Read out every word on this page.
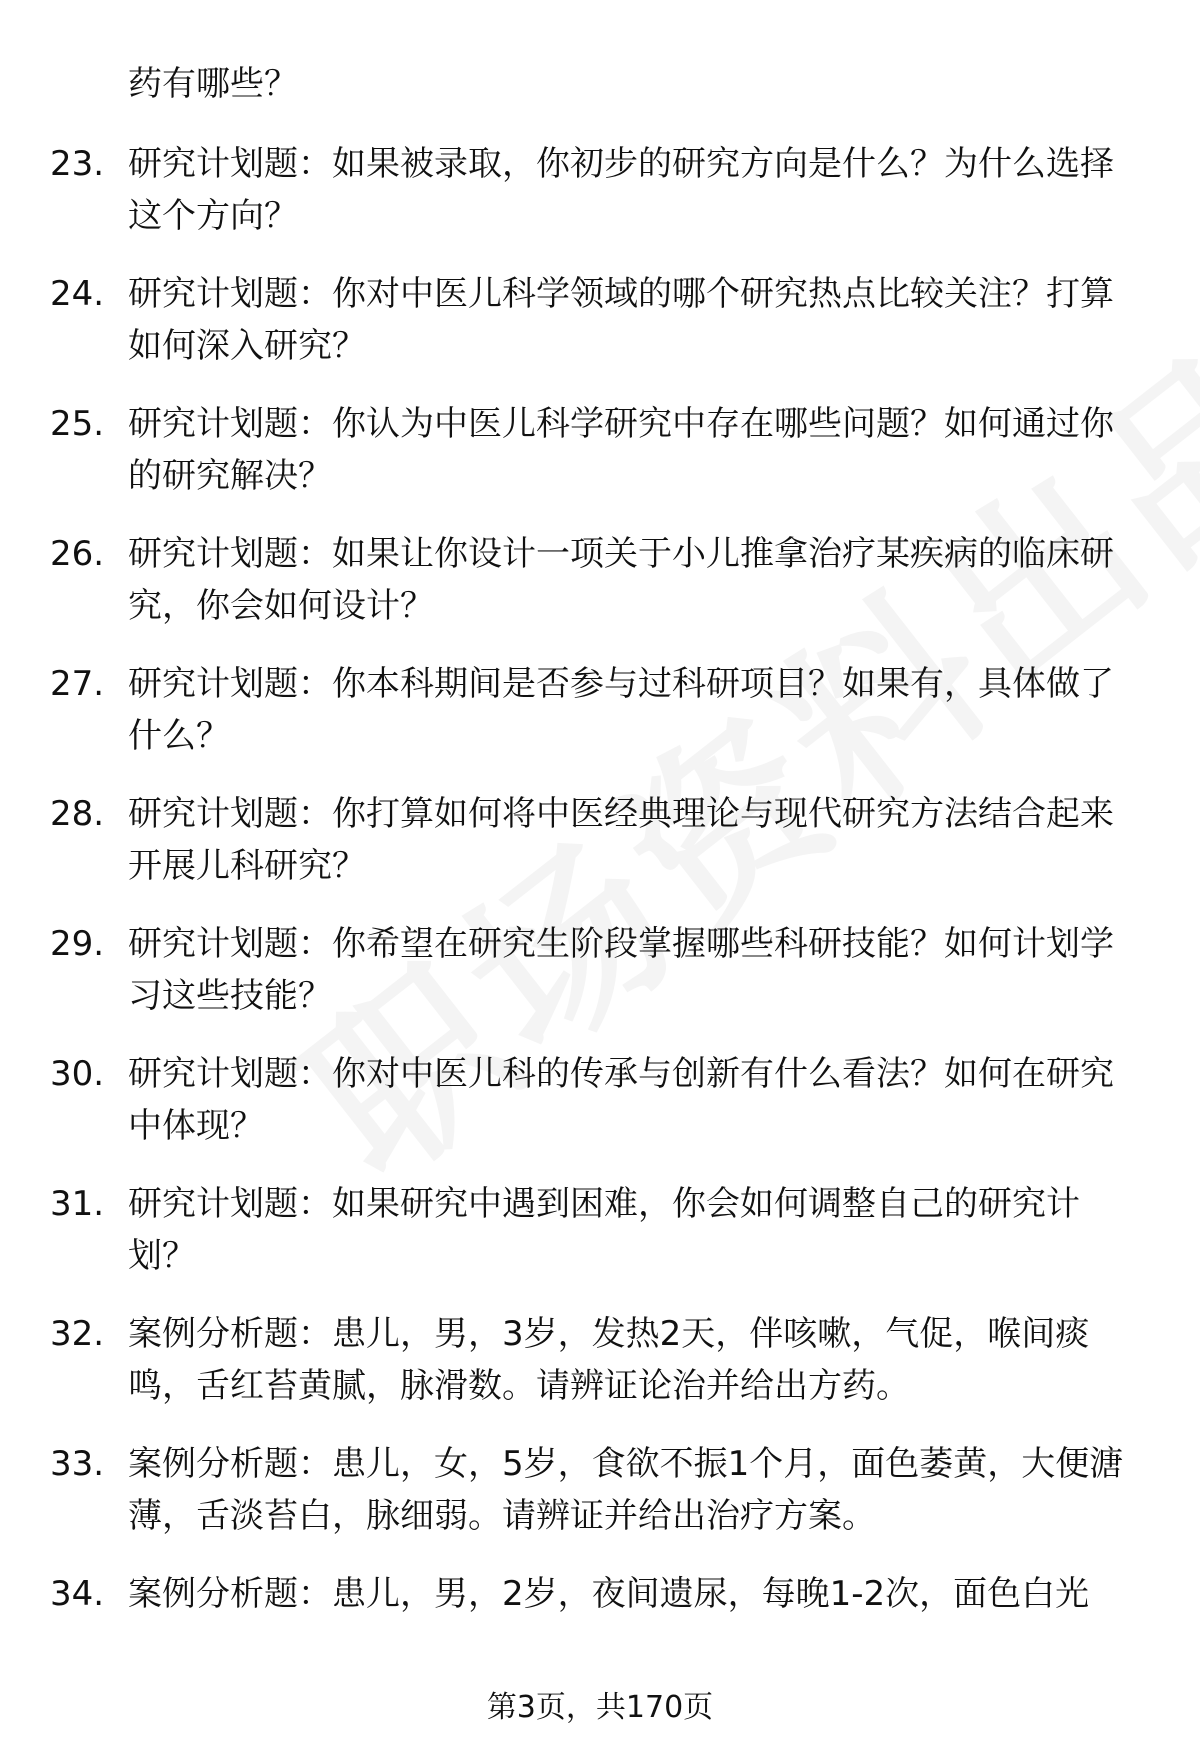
药有哪些？
23. 研究计划题：如果被录取，你初步的研究方向是什么？为什么选择这个方向？
24. 研究计划题：你对中医儿科学领域的哪个研究热点比较关注？打算如何深入研究？
25. 研究计划题：你认为中医儿科学研究中存在哪些问题？如何通过你的研究解决？
26. 研究计划题：如果让你设计一项关于小儿推拿治疗某疾病的临床研究，你会如何设计？
27. 研究计划题：你本科期间是否参与过科研项目？如果有，具体做了什么？
28. 研究计划题：你打算如何将中医经典理论与现代研究方法结合起来开展儿科研究？
29. 研究计划题：你希望在研究生阶段掌握哪些科研技能？如何计划学习这些技能？
30. 研究计划题：你对中医儿科的传承与创新有什么看法？如何在研究中体现？
31. 研究计划题：如果研究中遇到困难，你会如何调整自己的研究计划？
32. 案例分析题：患儿，男，3岁，发热2天，伴咳嗽，气促，喉间痰鸣，舌红苔黄腻，脉滑数。请辨证论治并给出方药。
33. 案例分析题：患儿，女，5岁，食欲不振1个月，面色萎黄，大便溏薄，舌淡苔白，脉细弱。请辨证并给出治疗方案。
34. 案例分析题：患儿，男，2岁，夜间遗尿，每晚1-2次，面色白光
第3页，共170页
